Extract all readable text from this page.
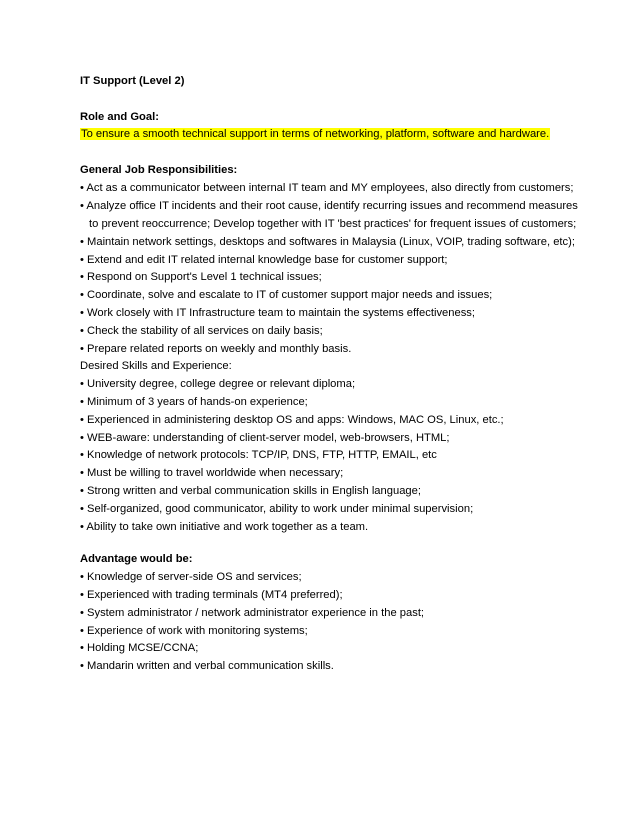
IT Support (Level 2)
Role and Goal:
To ensure a smooth technical support in terms of networking, platform, software and hardware.
General Job Responsibilities:
• Act as a communicator between internal IT team and MY employees, also directly from customers;
• Analyze office IT incidents and their root cause, identify recurring issues and recommend measures
to prevent reoccurrence; Develop together with IT 'best practices' for frequent issues of customers;
• Maintain network settings, desktops and softwares in Malaysia (Linux, VOIP, trading software, etc);
• Extend and edit IT related internal knowledge base for customer support;
• Respond on Support's Level 1 technical issues;
• Coordinate, solve and escalate to IT of customer support major needs and issues;
• Work closely with IT Infrastructure team to maintain the systems effectiveness;
• Check the stability of all services on daily basis;
• Prepare related reports on weekly and monthly basis.
Desired Skills and Experience:
• University degree, college degree or relevant diploma;
• Minimum of 3 years of hands-on experience;
• Experienced in administering desktop OS and apps: Windows, MAC OS, Linux, etc.;
• WEB-aware: understanding of client-server model, web-browsers, HTML;
• Knowledge of network protocols: TCP/IP, DNS, FTP, HTTP, EMAIL, etc
• Must be willing to travel worldwide when necessary;
• Strong written and verbal communication skills in English language;
• Self-organized, good communicator, ability to work under minimal supervision;
• Ability to take own initiative and work together as a team.
Advantage would be:
• Knowledge of server-side OS and services;
• Experienced with trading terminals (MT4 preferred);
• System administrator / network administrator experience in the past;
• Experience of work with monitoring systems;
• Holding MCSE/CCNA;
• Mandarin written and verbal communication skills.
